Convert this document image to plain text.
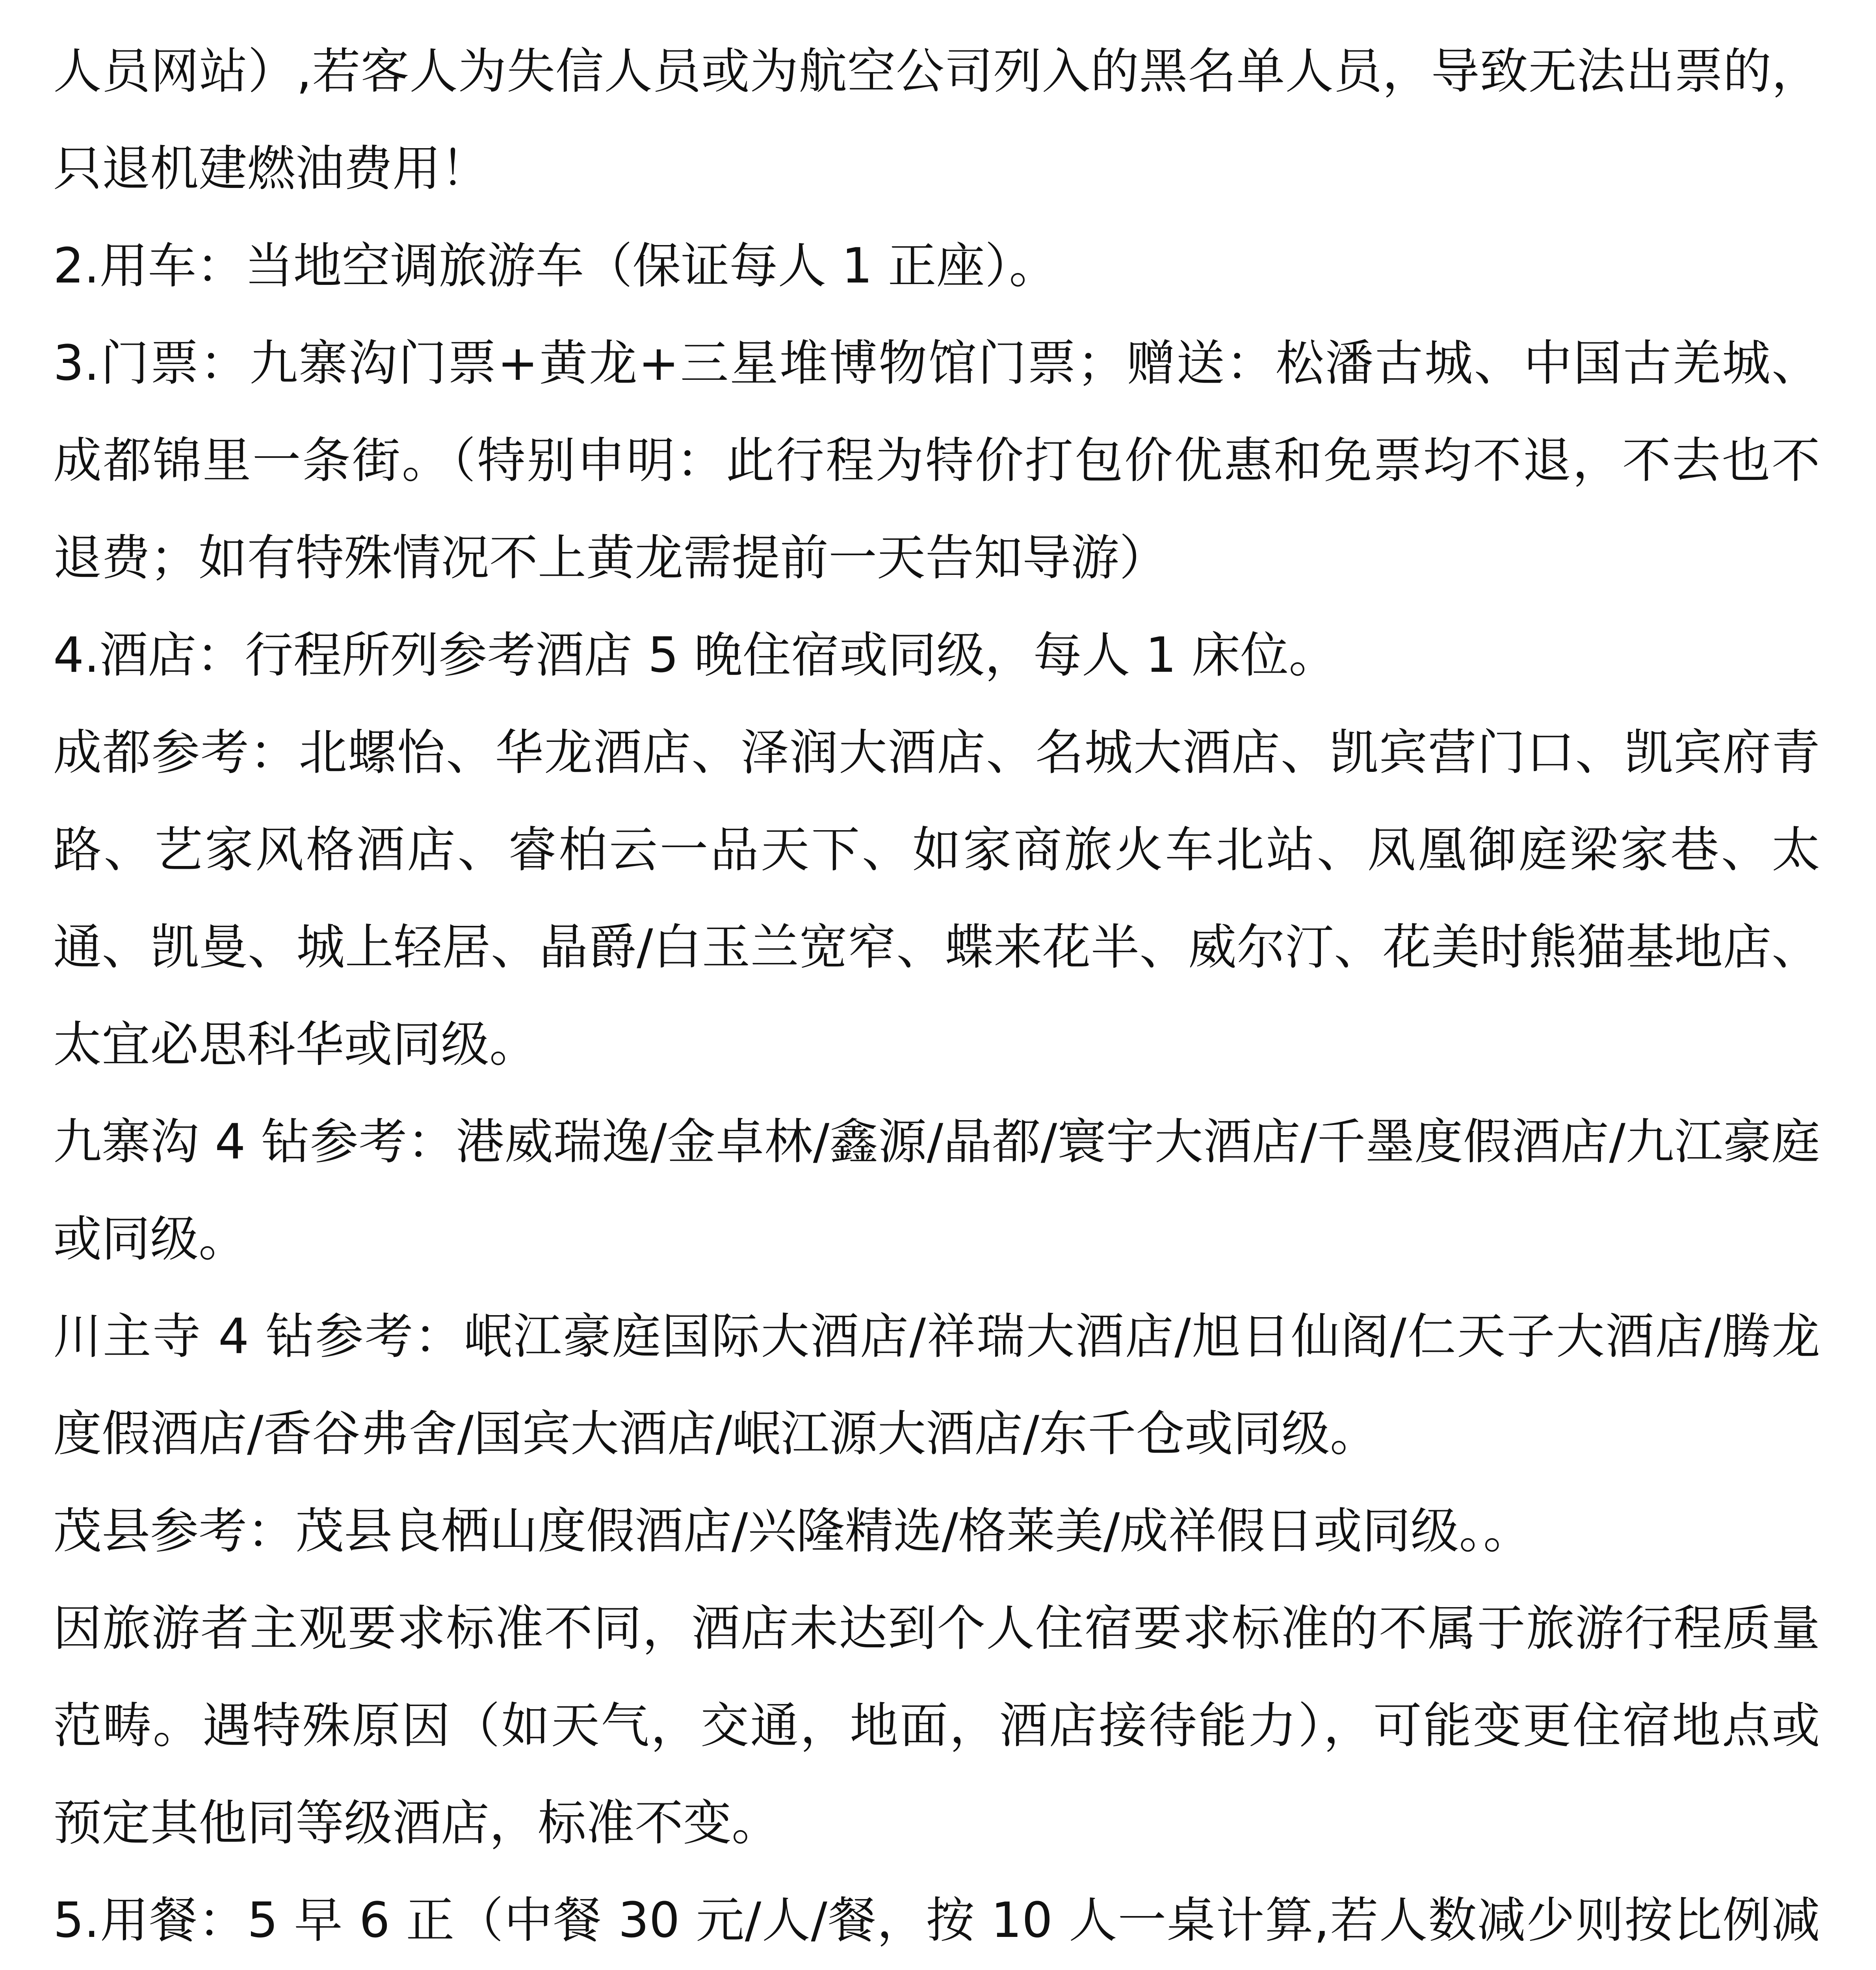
人员网站）,若客人为失信人员或为航空公司列入的黑名单人员，导致无法出票的，只退机建燃油费用！

2.用车：当地空调旅游车（保证每人 1 正座）。

3.门票：九寨沟门票+黄龙+三星堆博物馆门票；赠送：松潘古城、中国古羌城、成都锦里一条街。（特别申明：此行程为特价打包价优惠和免票均不退，不去也不退费；如有特殊情况不上黄龙需提前一天告知导游）

4.酒店：行程所列参考酒店 5 晚住宿或同级，每人 1 床位。

成都参考：北螺怡、华龙酒店、泽润大酒店、名城大酒店、凯宾营门口、凯宾府青路、艺家风格酒店、睿柏云一品天下、如家商旅火车北站、凤凰御庭梁家巷、太通、凯曼、城上轻居、晶爵/白玉兰宽窄、蝶来花半、威尔汀、花美时熊猫基地店、太宜必思科华或同级。

九寨沟 4 钻参考：港威瑞逸/金卓林/鑫源/晶都/寰宇大酒店/千墨度假酒店/九江豪庭或同级。

川主寺 4 钻参考：岷江豪庭国际大酒店/祥瑞大酒店/旭日仙阁/仁天子大酒店/腾龙度假酒店/香谷弗舍/国宾大酒店/岷江源大酒店/东千仓或同级。

茂县参考：茂县良栖山度假酒店/兴隆精选/格莱美/成祥假日或同级。。

因旅游者主观要求标准不同，酒店未达到个人住宿要求标准的不属于旅游行程质量范畴。遇特殊原因（如天气，交通，地面，酒店接待能力），可能变更住宿地点或预定其他同等级酒店，标准不变。

5.用餐：5 早 6 正（中餐 30 元/人/餐，按 10 人一桌计算,若人数减少则按比例减
